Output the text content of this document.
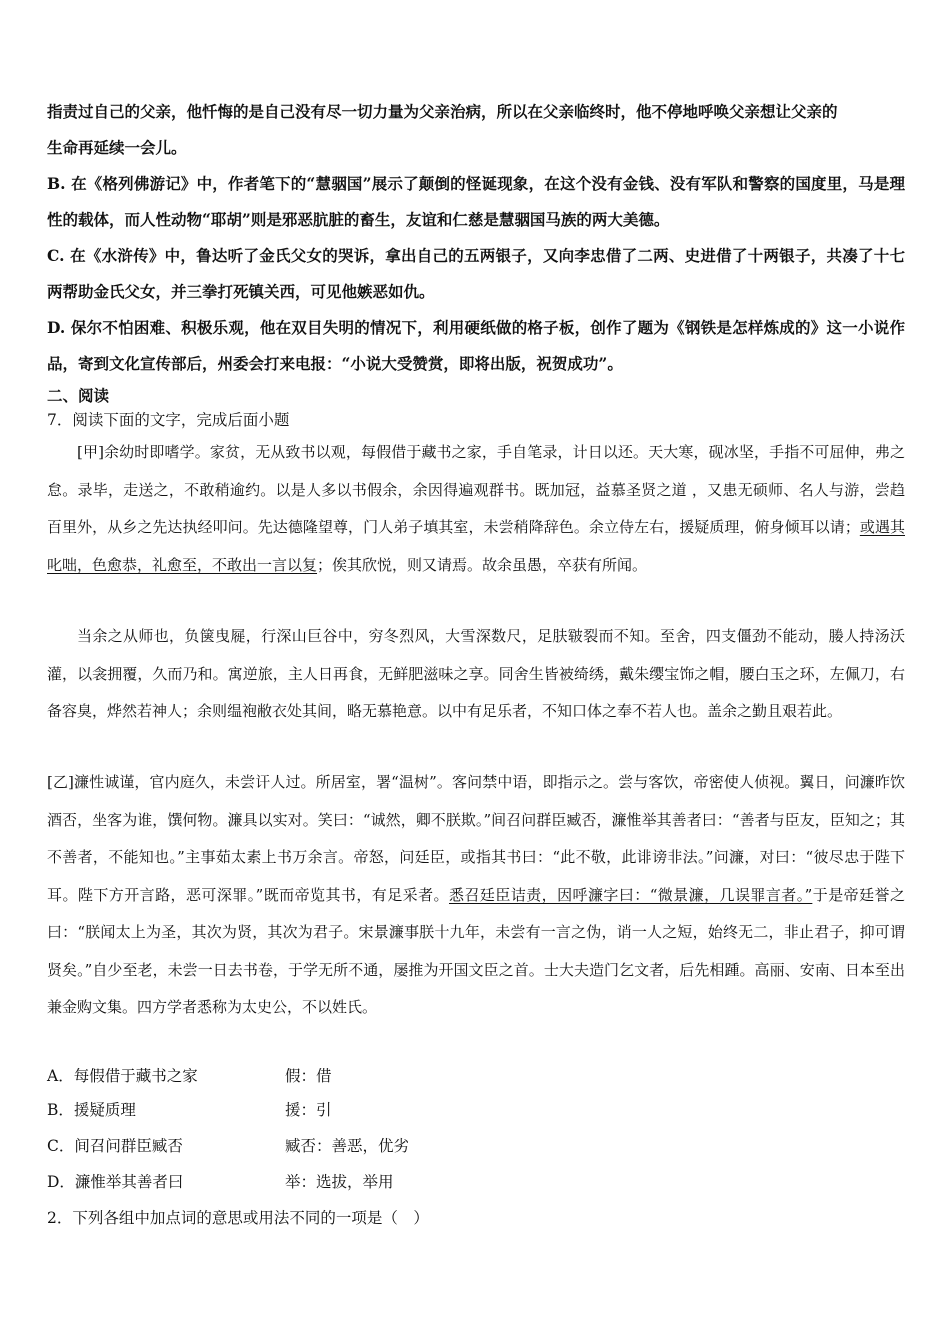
指责过自己的父亲，他忏悔的是自己没有尽一切力量为父亲治病，所以在父亲临终时，他不停地呼唤父亲想让父亲的

生命再延续一会儿。

B. 在《格列佛游记》中，作者笔下的“慧骃国”展示了颠倒的怪诞现象，在这个没有金钱、没有军队和警察的国度里，马是理性的载体，而人性动物“耶胡”则是邪恶肮脏的畜生，友谊和仁慈是慧骃国马族的两大美德。

C. 在《水浒传》中，鲁达听了金氏父女的哭诉，拿出自己的五两银子，又向李忠借了二两、史进借了十两银子，共凑了十七两帮助金氏父女，并三拳打死镇关西，可见他嫉恶如仇。

D. 保尔不怕困难、积极乐观，他在双目失明的情况下，利用硬纸做的格子板，创作了题为《钢铁是怎样炼成的》这一小说作品，寄到文化宣传部后，州委会打来电报：“小说大受赞赏，即将出版，祝贺成功”。

二、阅读
7．阅读下面的文字，完成后面小题

[甲]余幼时即嗜学。家贫，无从致书以观，每假借于藏书之家，手自笔录，计日以还。天大寒，砚冰坚，手指不可屈伸，弗之怠。录毕，走送之，不敢稍逾约。以是人多以书假余，余因得遍观群书。既加冠，益慕圣贤之道 ，又患无硕师、名人与游，尝趋百里外，从乡之先达执经叩问。先达德隆望尊，门人弟子填其室，未尝稍降辞色。余立侍左右，援疑质理，俯身倾耳以请；或遇其叱咄，色愈恭，礼愈至，不敢出一言以复；俟其欣悦，则又请焉。故余虽愚，卒获有所闻。

当余之从师也，负箧曳屣，行深山巨谷中，穷冬烈风，大雪深数尺，足肤皲裂而不知。至舍，四支僵劲不能动，媵人持汤沃灌，以衾拥覆，久而乃和。寓逆旅，主人日再食，无鲜肥滋味之享。同舍生皆被绮绣，戴朱缨宝饰之帽，腰白玉之环，左佩刀，右备容臭，烨然若神人；余则缊袍敝衣处其间，略无慕艳意。以中有足乐者，不知口体之奉不若人也。盖余之勤且艰若此。

[乙]濂性诚谨，官内庭久，未尝讦人过。所居室，署“温树”。客问禁中语，即指示之。尝与客饮，帝密使人侦视。翼日，问濂昨饮酒否，坐客为谁，馔何物。濂具以实对。笑曰：“诚然，卿不朕欺。”间召问群臣臧否，濂惟举其善者曰：“善者与臣友，臣知之；其不善者，不能知也。”主事茹太素上书万余言。帝怒，问廷臣，或指其书曰：“此不敬，此诽谤非法。”问濂，对曰：“彼尽忠于陛下耳。陛下方开言路，恶可深罪。”既而帝览其书，有足采者。悉召廷臣诘责，因呼濂字曰：“微景濂，几误罪言者。”于是帝廷誉之曰：“朕闻太上为圣，其次为贤，其次为君子。宋景濂事朕十九年，未尝有一言之伪，诮一人之短，始终无二，非止君子，抑可谓贤矣。”自少至老，未尝一日去书卷，于学无所不通，屡推为开国文臣之首。士大夫造门乞文者，后先相踵。高丽、安南、日本至出兼金购文集。四方学者悉称为太史公，不以姓氏。

A．每假借于藏书之家	假：借
B．援疑质理	援：引
C．间召问群臣臧否	臧否：善恶，优劣
D．濂惟举其善者曰	举：选拔，举用
2．下列各组中加点词的意思或用法不同的一项是（　）
